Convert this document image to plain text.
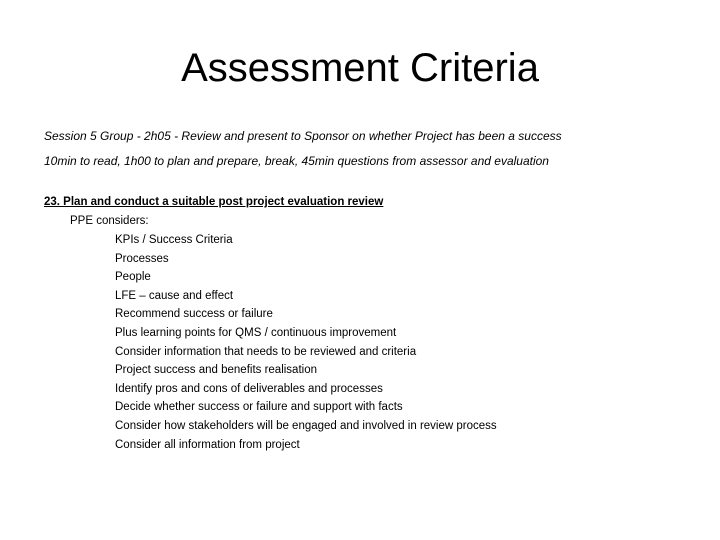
Assessment Criteria

Session 5 Group - 2h05 - Review and present to Sponsor on whether Project has been a success

10min to read, 1h00 to plan and prepare, break, 45min questions from assessor and evaluation

23. Plan and conduct a suitable post project evaluation review

PPE considers:

KPIs / Success Criteria
Processes
People
LFE – cause and effect
Recommend success or failure
Plus learning points for QMS / continuous improvement
Consider information that needs to be reviewed and criteria
Project success and benefits realisation
Identify pros and cons of deliverables and processes
Decide whether success or failure and support with facts
Consider how stakeholders will be engaged and involved in review process
Consider all information from project
